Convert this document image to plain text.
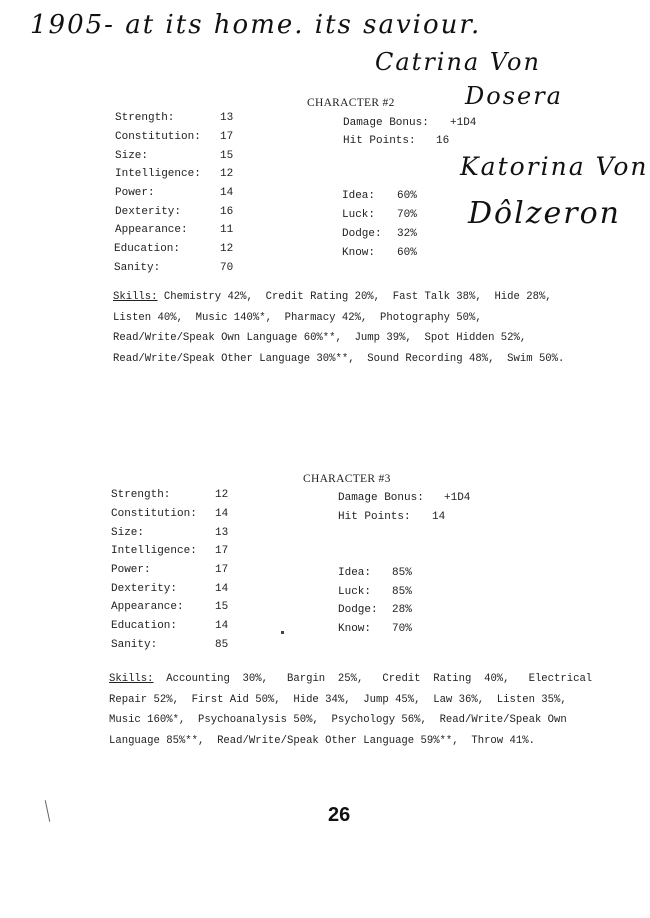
1905- at its home. its saviour.
Catrina Von
Dosera
Katorina Von
Dôlzeron
CHARACTER #2
Strength:	13
Constitution: 17
Size:	15
Intelligence: 12
Power:	14
Dexterity:	16
Appearance:	11
Education:	12
Sanity:	70
Damage Bonus: +1D4
Hit Points: 16
Idea: 60%
Luck: 70%
Dodge: 32%
Know: 60%
Skills: Chemistry 42%,  Credit Rating 20%,  Fast Talk 38%,  Hide 28%,
Listen 40%,  Music 140%*,  Pharmacy 42%,  Photography 50%,
Read/Write/Speak Own Language 60%**,  Jump 39%,  Spot Hidden 52%,
Read/Write/Speak Other Language 30%**,  Sound Recording 48%,  Swim 50%.
CHARACTER #3
Strength:	12
Constitution: 14
Size:	13
Intelligence: 17
Power:	17
Dexterity:	14
Appearance:	15
Education:	14
Sanity:	85
Damage Bonus: +1D4
Hit Points: 14
Idea: 85%
Luck: 85%
Dodge: 28%
Know: 70%
Skills:  Accounting  30%,   Bargin  25%,   Credit  Rating  40%,   Electrical
Repair 52%,  First Aid 50%,  Hide 34%,  Jump 45%,  Law 36%,  Listen 35%,
Music 160%*,  Psychoanalysis 50%,  Psychology 56%,  Read/Write/Speak Own
Language 85%**,  Read/Write/Speak Other Language 59%**,  Throw 41%.
26
